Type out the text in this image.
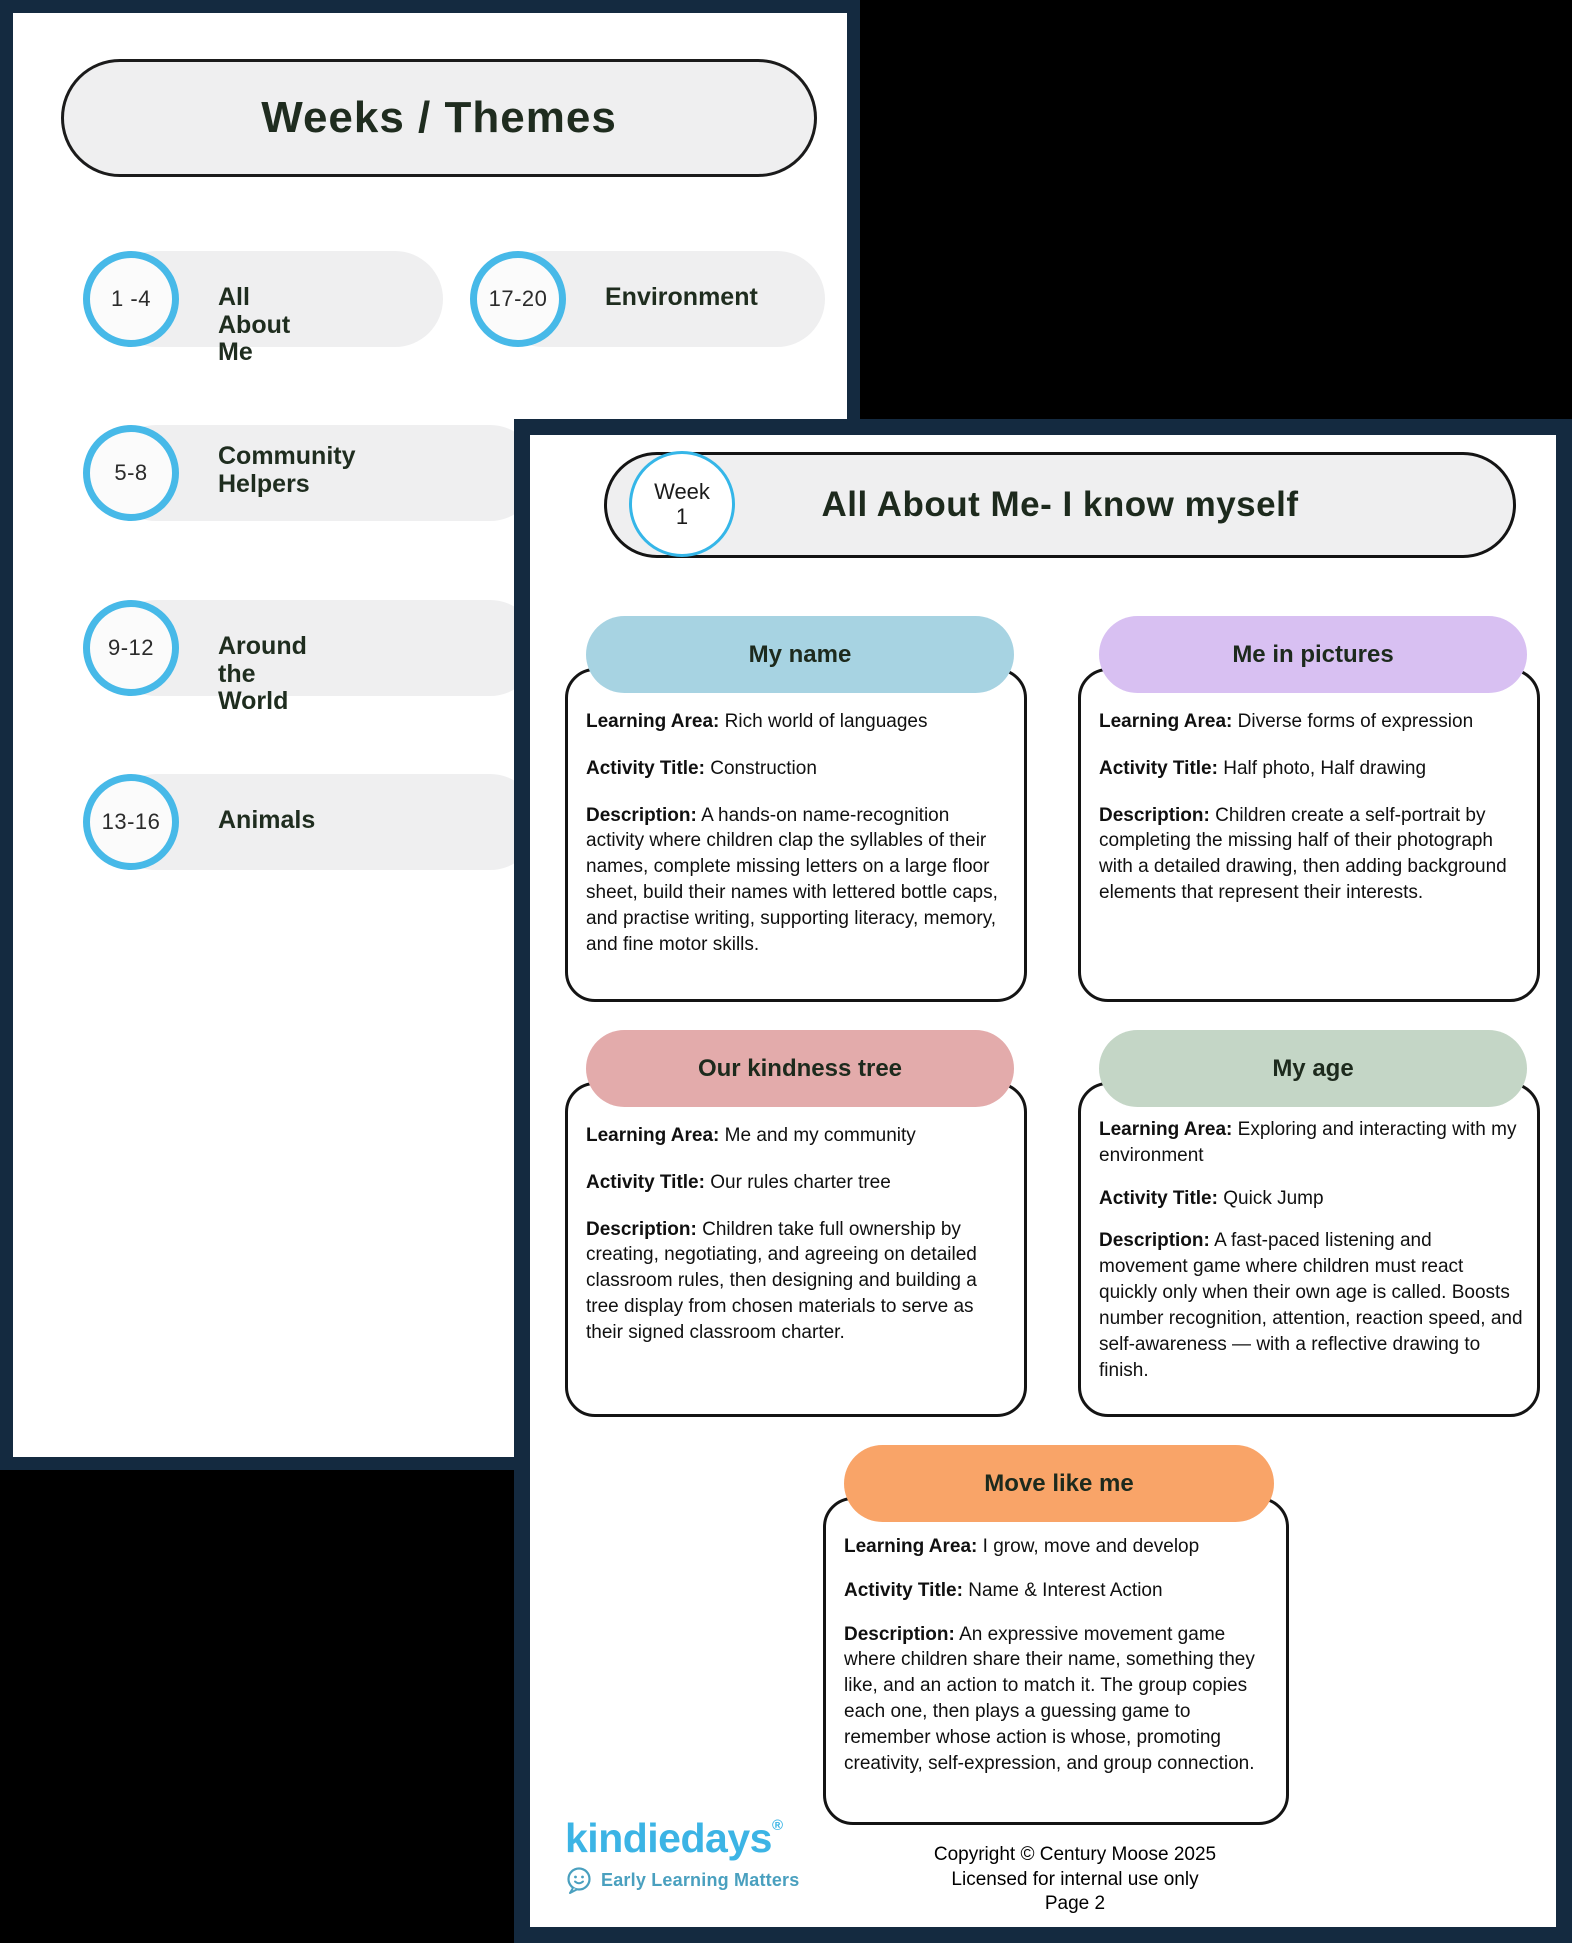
Weeks / Themes
1 -4	All About Me
17-20 Environment
5-8
Community Helpers
9-12	Around the World
13-16 Animals
All About Me- I know myself
Week
1
My name

Learning Area: Rich world of languages

Activity Title: Construction

Description: A hands-on name-recognition activity where children clap the syllables of their names, complete missing letters on a large floor sheet, build their names with lettered bottle caps, and practise writing, supporting literacy, memory, and fine motor skills.

Me in pictures

Learning Area: Diverse forms of expression

Activity Title: Half photo, Half drawing

Description: Children create a self-portrait by completing the missing half of their photograph with a detailed drawing, then adding background elements that represent their interests.

Our kindness tree

Learning Area: Me and my community

Activity Title: Our rules charter tree

Description: Children take full ownership by creating, negotiating, and agreeing on detailed classroom rules, then designing and building a tree display from chosen materials to serve as their signed classroom charter.

My age

Learning Area: Exploring and interacting with my environment

Activity Title: Quick Jump

Description: A fast-paced listening and movement game where children must react quickly only when their own age is called. Boosts number recognition, attention, reaction speed, and self-awareness — with a reflective drawing to finish.

Move like me

Learning Area: I grow, move and develop

Activity Title: Name & Interest Action

Description: An expressive movement game where children share their name, something they like, and an action to match it. The group copies each one, then plays a guessing game to remember whose action is whose, promoting creativity, self-expression, and group connection.

kindiedays®
Early Learning Matters
Copyright © Century Moose 2025
Licensed for internal use only
Page 2
